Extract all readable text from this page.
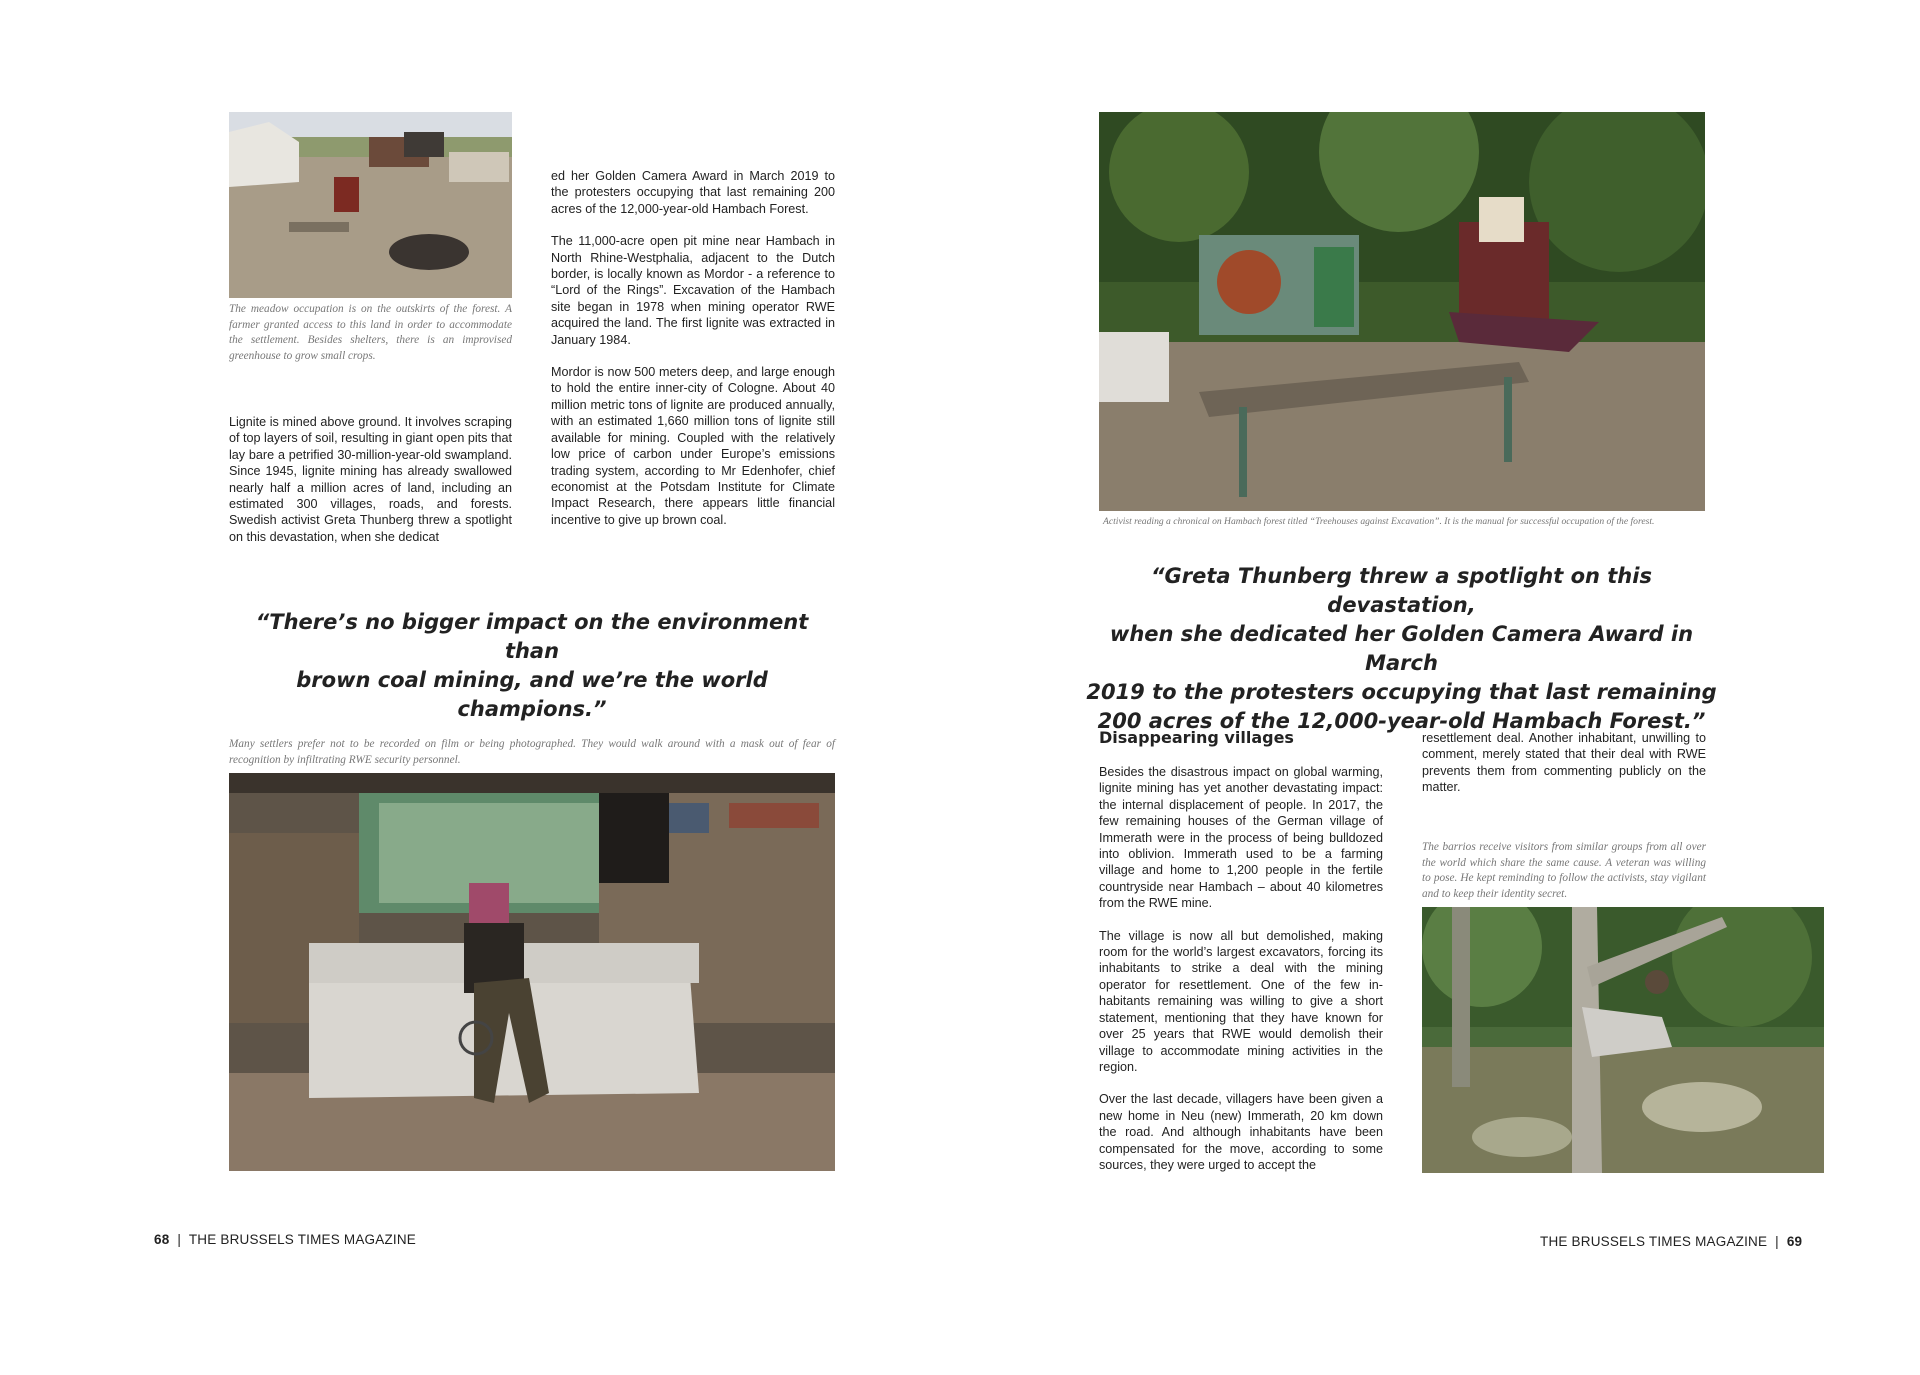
The meadow occupation is on the outskirts of the forest. A farmer granted access to this land in order to accommodate the settlement. Besides shelters, there is an improvised greenhouse to grow small crops.
Lignite is mined above ground. It involves scraping of top layers of soil, resulting in giant open pits that lay bare a petrified 30-million-year-old swampland. Since 1945, lignite mining has already swallowed nearly half a million acres of land, including an estimated 300 villages, roads, and forests. Swedish activist Greta Thunberg threw a spotlight on this devastation, when she dedicat

ed her Golden Camera Award in March 2019 to the protesters occupying that last remaining 200 acres of the 12,000-year-old Hambach Forest.

The 11,000-acre open pit mine near Hambach in North Rhine-Westphalia, adjacent to the Dutch border, is locally known as Mordor - a reference to “Lord of the Rings”. Excavation of the Hambach site began in 1978 when mining operator RWE acquired the land. The first lignite was extracted in January 1984.

Mordor is now 500 meters deep, and large enough to hold the entire inner-city of Cologne. About 40 million metric tons of lignite are produced annually, with an estimated 1,660 million tons of lignite still available for mining. Coupled with the relatively low price of carbon under Europe’s emissions trading system, according to Mr Edenhofer, chief economist at the Potsdam Institute for Climate Impact Research, there appears little financial incentive to give up brown coal.

“There’s no bigger impact on the environment than
brown coal mining, and we’re the world champions.”
Many settlers prefer not to be recorded on film or being photographed. They would walk around with a mask out of fear of recognition by infiltrating RWE security personnel.
68 | THE BRUSSELS TIMES MAGAZINE
Activist reading a chronical on Hambach forest titled “Treehouses against Excavation”. It is the manual for successful occupation of the forest.
“Greta Thunberg threw a spotlight on this devastation,
when she dedicated her Golden Camera Award in March
2019 to the protesters occupying that last remaining
200 acres of the 12,000-year-old Hambach Forest.”
Disappearing villages

Besides the disastrous impact on global warming, lignite mining has yet another devastating impact: the internal displacement of people. In 2017, the few remaining houses of the German village of Immerath were in the process of being bulldozed into oblivion. Immerath used to be a farming village and home to 1,200 people in the fertile countryside near Hambach – about 40 kilometres from the RWE mine.

The village is now all but demolished, making room for the world’s largest excavators, forcing its inhabitants to strike a deal with the mining operator for resettlement. One of the few inhabitants remaining was willing to give a short statement, mentioning that they have known for over 25 years that RWE would demolish their village to accommodate mining activities in the region.

Over the last decade, villagers have been given a new home in Neu (new) Immerath, 20 km down the road. And although inhabitants have been compensated for the move, according to some sources, they were urged to accept the

resettlement deal. Another inhabitant, unwilling to comment, merely stated that their deal with RWE prevents them from commenting publicly on the matter.
The barrios receive visitors from similar groups from all over the world which share the same cause. A veteran was willing to pose. He kept reminding to follow the activists, stay vigilant and to keep their identity secret.
THE BRUSSELS TIMES MAGAZINE | 69
